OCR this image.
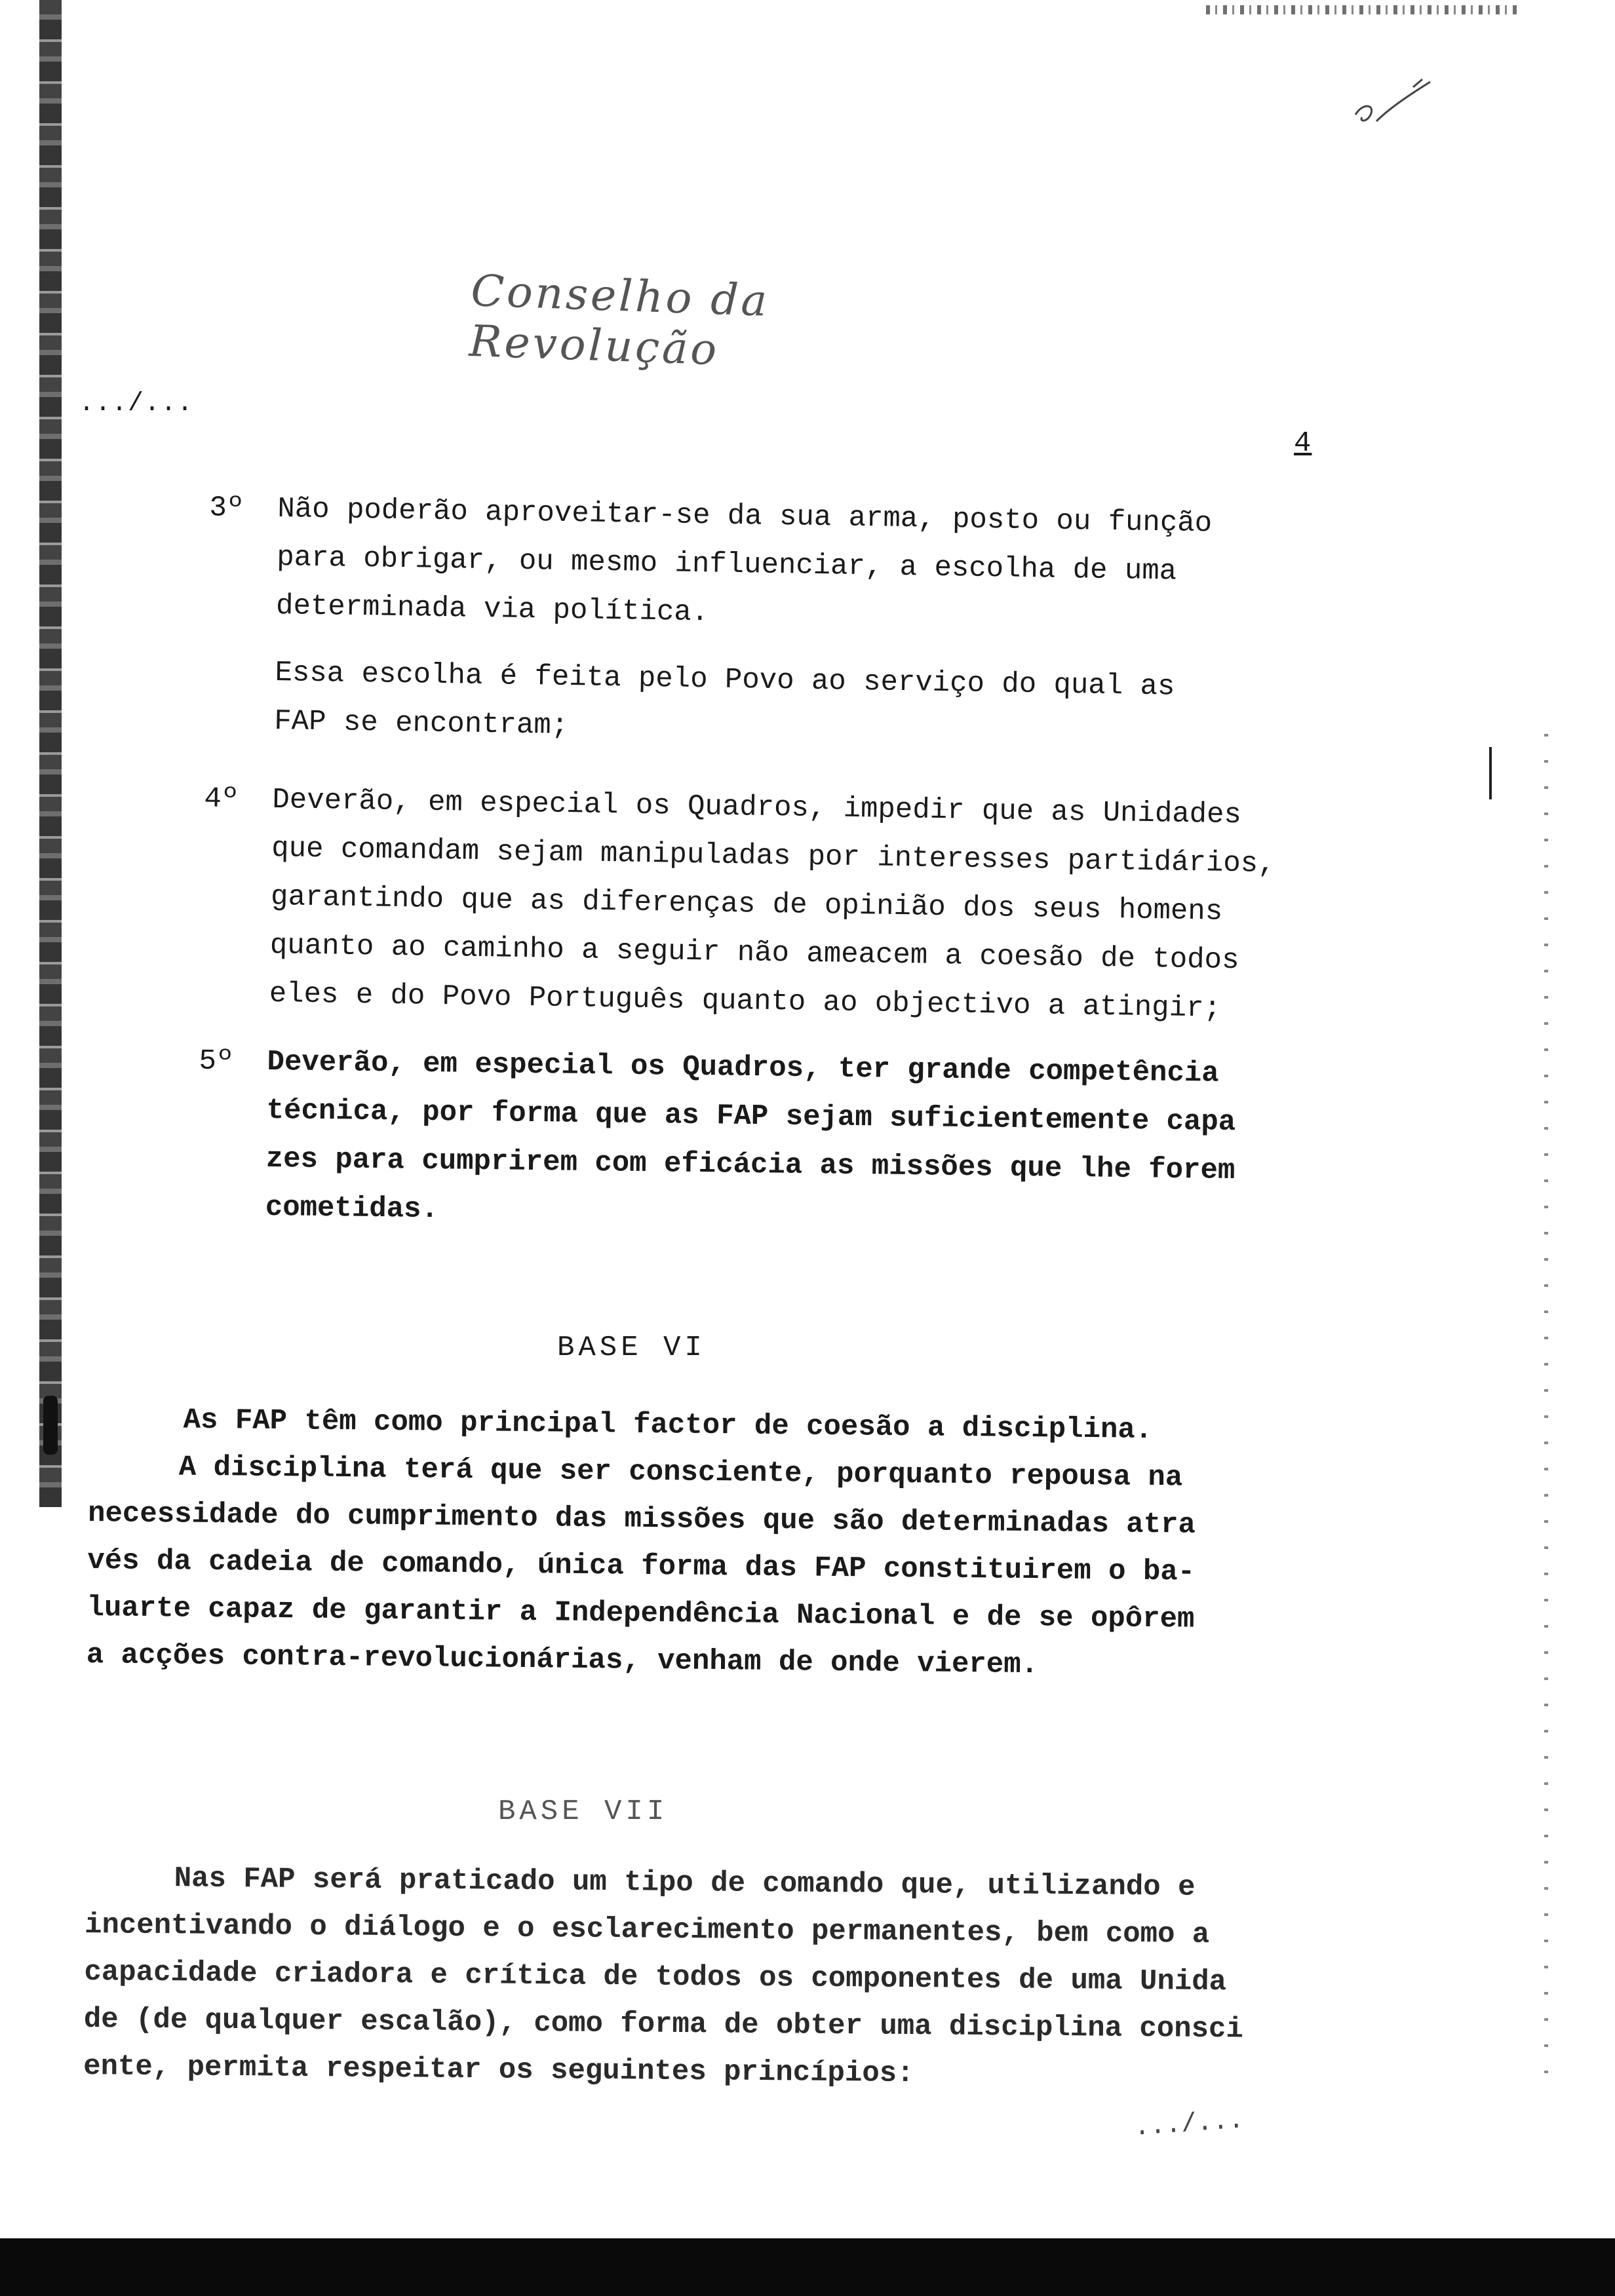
Conselho da Revolução
.../...
4
3º Não poderão aproveitar-se da sua arma, posto ou função
para obrigar, ou mesmo influenciar, a escolha de uma
determinada via política.
Essa escolha é feita pelo Povo ao serviço do qual as
FAP se encontram;
4º Deverão, em especial os Quadros, impedir que as Unidades
que comandam sejam manipuladas por interesses partidários,
garantindo que as diferenças de opinião dos seus homens
quanto ao caminho a seguir não ameacem a coesão de todos
eles e do Povo Português quanto ao objectivo a atingir;
5º Deverão, em especial os Quadros, ter grande competência
técnica, por forma que as FAP sejam suficientemente capa
zes para cumprirem com eficácia as missões que lhe forem
cometidas.
BASE VI
As FAP têm como principal factor de coesão a disciplina.
A disciplina terá que ser consciente, porquanto repousa na
necessidade do cumprimento das missões que são determinadas atra
vés da cadeia de comando, única forma das FAP constituirem o ba-
luarte capaz de garantir a Independência Nacional e de se opôrem
a acções contra-revolucionárias, venham de onde vierem.
BASE VII
Nas FAP será praticado um tipo de comando que, utilizando e
incentivando o diálogo e o esclarecimento permanentes, bem como a
capacidade criadora e crítica de todos os componentes de uma Unida
de (de qualquer escalão), como forma de obter uma disciplina consci
ente, permita respeitar os seguintes princípios:
.../...
